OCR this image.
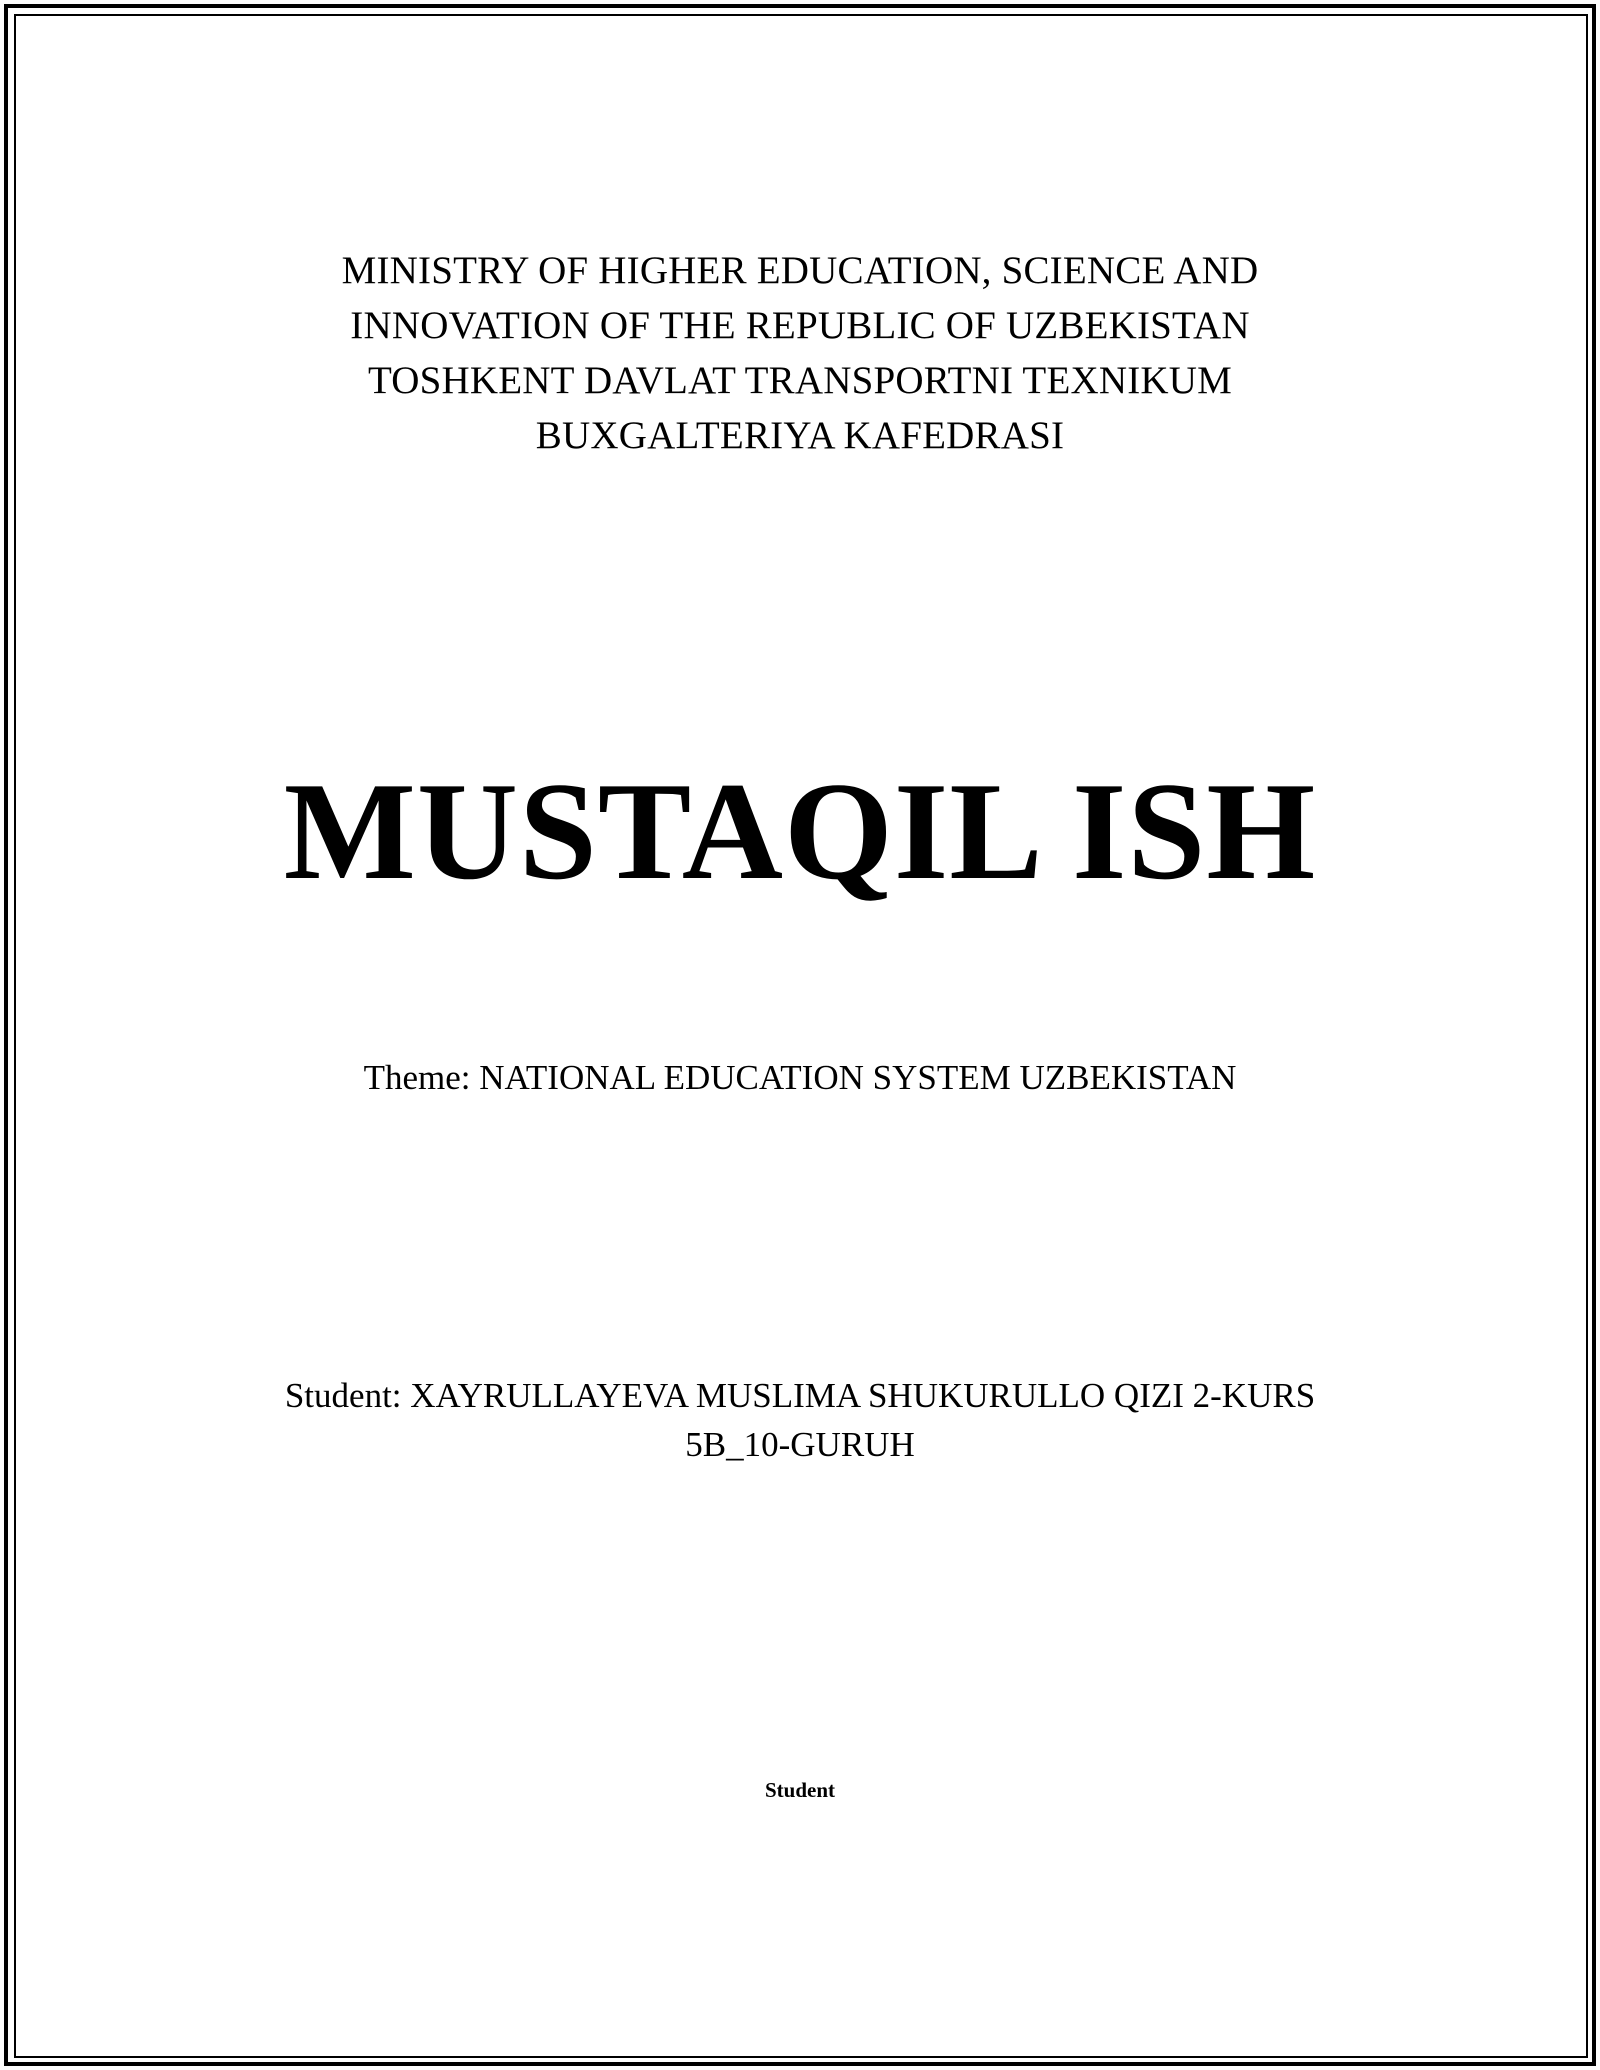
MINISTRY OF HIGHER EDUCATION, SCIENCE AND
INNOVATION OF THE REPUBLIC OF UZBEKISTAN
TOSHKENT DAVLAT TRANSPORTNI TEXNIKUM
BUXGALTERIYA KAFEDRASI
MUSTAQIL ISH
Theme: NATIONAL EDUCATION SYSTEM UZBEKISTAN
Student: XAYRULLAYEVA MUSLIMA SHUKURULLO QIZI 2-KURS
5B_10-GURUH
Student
